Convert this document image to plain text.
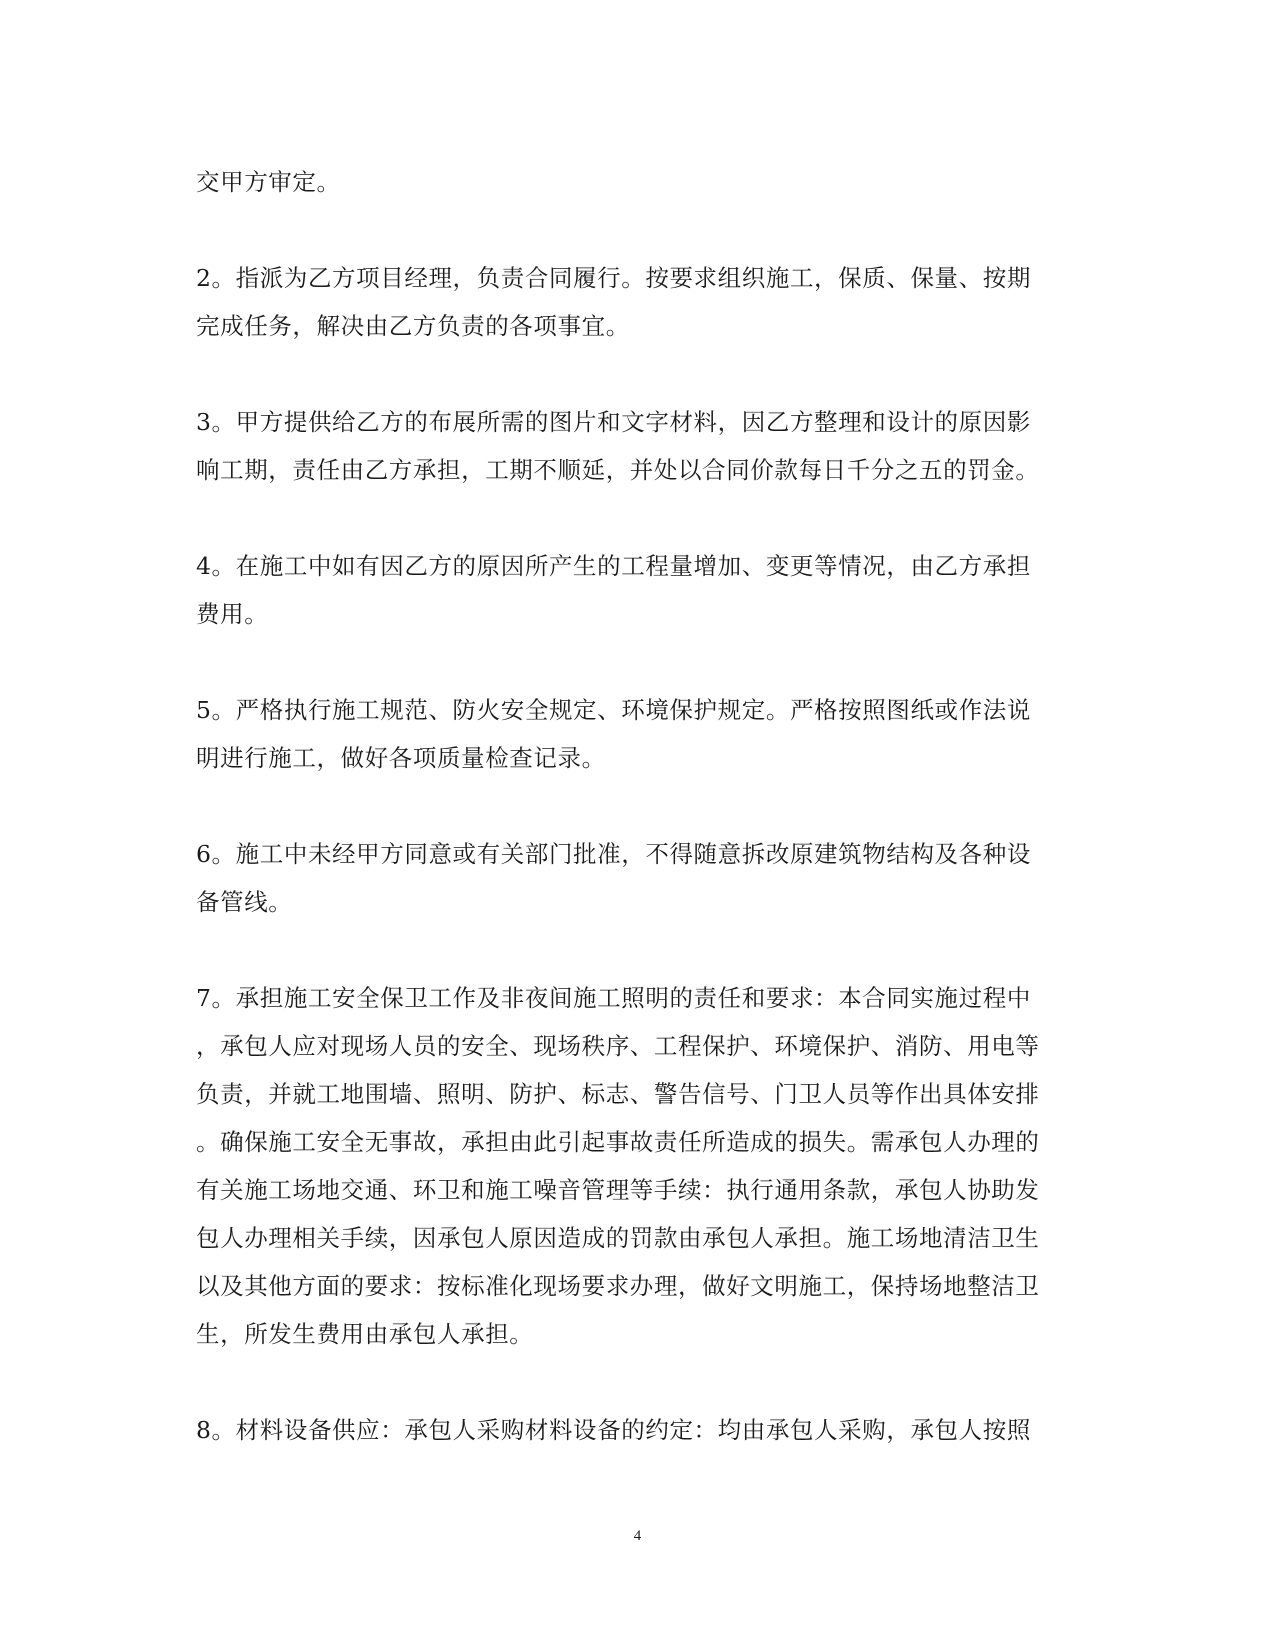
交甲方审定。
2。指派为乙方项目经理，负责合同履行。按要求组织施工，保质、保量、按期
完成任务，解决由乙方负责的各项事宜。
3。甲方提供给乙方的布展所需的图片和文字材料，因乙方整理和设计的原因影
响工期，责任由乙方承担，工期不顺延，并处以合同价款每日千分之五的罚金。
4。在施工中如有因乙方的原因所产生的工程量增加、变更等情况，由乙方承担
费用。
5。严格执行施工规范、防火安全规定、环境保护规定。严格按照图纸或作法说
明进行施工，做好各项质量检查记录。
6。施工中未经甲方同意或有关部门批准，不得随意拆改原建筑物结构及各种设
备管线。
7。承担施工安全保卫工作及非夜间施工照明的责任和要求：本合同实施过程中
，承包人应对现场人员的安全、现场秩序、工程保护、环境保护、消防、用电等
负责，并就工地围墙、照明、防护、标志、警告信号、门卫人员等作出具体安排
。确保施工安全无事故，承担由此引起事故责任所造成的损失。需承包人办理的
有关施工场地交通、环卫和施工噪音管理等手续：执行通用条款，承包人协助发
包人办理相关手续，因承包人原因造成的罚款由承包人承担。施工场地清洁卫生
以及其他方面的要求：按标准化现场要求办理，做好文明施工，保持场地整洁卫
生，所发生费用由承包人承担。
8。材料设备供应：承包人采购材料设备的约定：均由承包人采购，承包人按照
4
